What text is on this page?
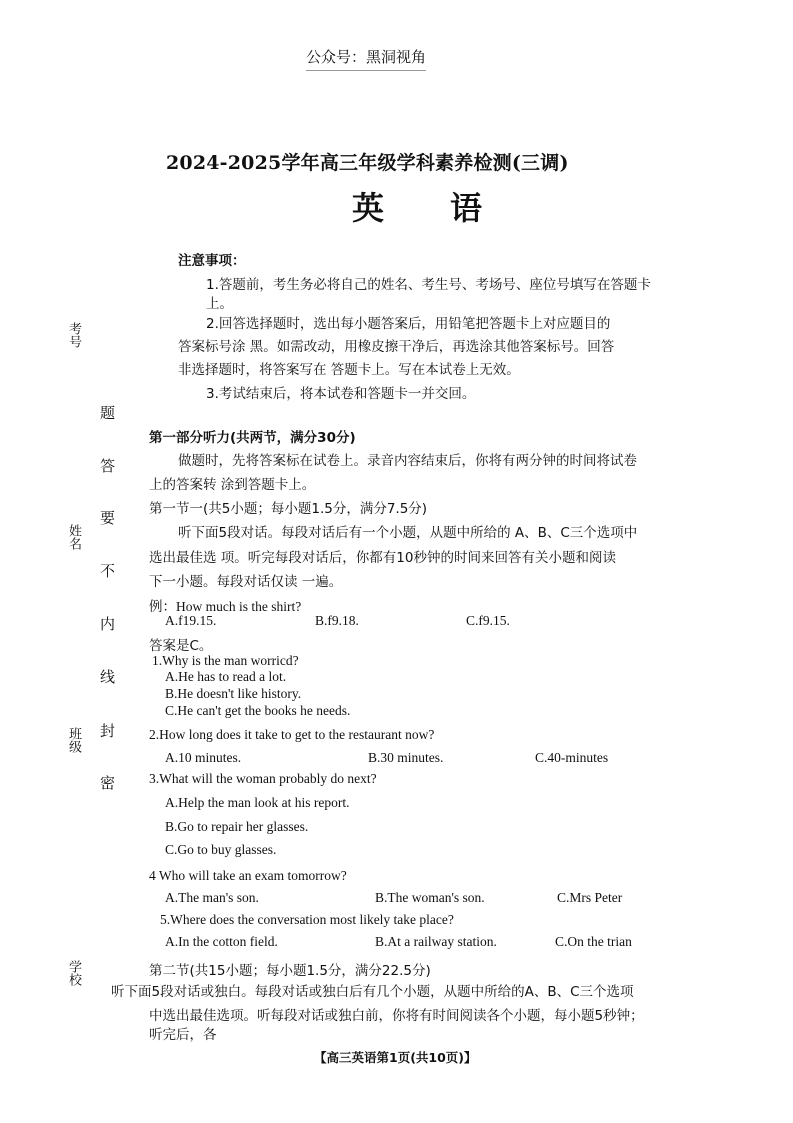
公众号：黑洞视角
2024-2025学年高三年级学科素养检测(三调)
英语
注意事项：
1.答题前，考生务必将自己的姓名、考生号、考场号、座位号填写在答题卡
上。
2.回答选择题时，选出每小题答案后，用铅笔把答题卡上对应题目的
答案标号涂 黑。如需改动，用橡皮擦干净后，再选涂其他答案标号。回答
非选择题时，将答案写在 答题卡上。写在本试卷上无效。
3.考试结束后，将本试卷和答题卡一并交回。
第一部分听力(共两节，满分30分)
做题时，先将答案标在试卷上。录音内容结束后，你将有两分钟的时间将试卷
上的答案转 涂到答题卡上。
第一节一(共5小题；每小题1.5分，满分7.5分)
听下面5段对话。每段对话后有一个小题，从题中所给的 A、B、C三个选项中
选出最佳选 项。听完每段对话后，你都有10秒钟的时间来回答有关小题和阅读
下一小题。每段对话仅读 一遍。
例：How much is the shirt?
A.f19.15.	B.f9.18.	C.f9.15.
答案是C。
1.Why is the man worricd?
A.He has to read a lot.
B.He doesn't like history.
C.He can't get the books he needs.
2.How long does it take to get to the restaurant now?
A.10 minutes.	B.30 minutes.	C.40-minutes
3.What will the woman probably do next?
A.Help the man look at his report.
B.Go to repair her glasses.
C.Go to buy glasses.
4 Who will take an exam tomorrow?
A.The man's son.	B.The woman's son.	C.Mrs Peter
5.Where does the conversation most likely take place?
A.In the cotton field.	B.At a railway station.	C.On the trian
第二节(共15小题；每小题1.5分，满分22.5分)
听下面5段对话或独白。每段对话或独白后有几个小题，从题中所给的A、B、C三个选项
中选出最佳选项。听每段对话或独白前，你将有时间阅读各个小题，每小题5秒钟；
听完后，各
考号
姓名
班级
学校
题
答
要
不
内
线
封
密
【高三英语第1页(共10页)】
